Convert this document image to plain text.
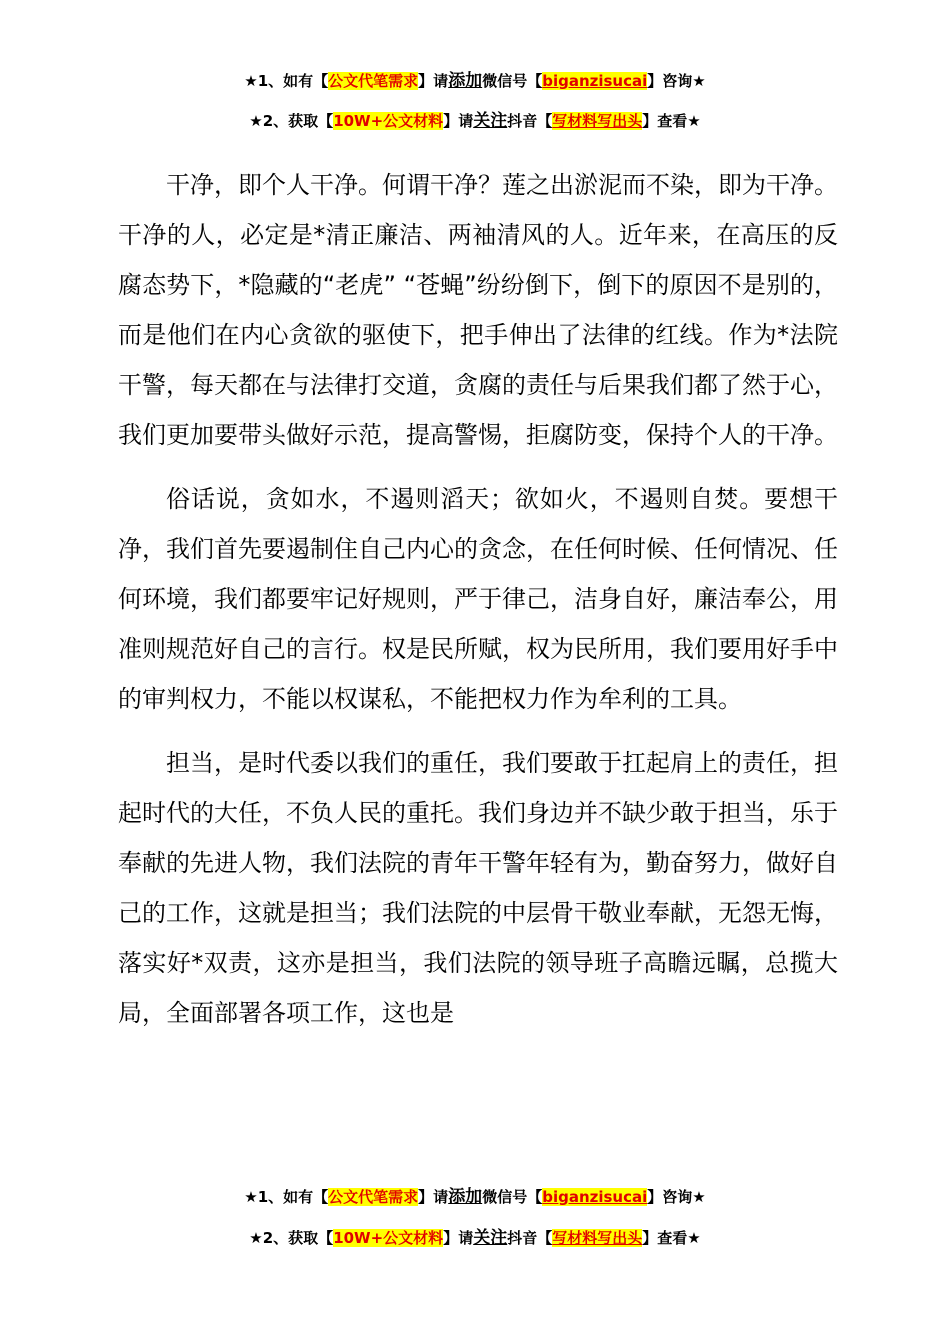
★1、如有【公文代笔需求】请添加微信号【biganzisucai】咨询★
★2、获取【10W+公文材料】请关注抖音【写材料写出头】查看★

干净，即个人干净。何谓干净？莲之出淤泥而不染，即为干净。干净的人，必定是*清正廉洁、两袖清风的人。近年来，在高压的反腐态势下，*隐藏的“老虎” “苍蝇”纷纷倒下，倒下的原因不是别的，而是他们在内心贪欲的驱使下，把手伸出了法律的红线。作为*法院干警，每天都在与法律打交道，贪腐的责任与后果我们都了然于心，我们更加要带头做好示范，提高警惕，拒腐防变，保持个人的干净。

俗话说，贪如水，不遏则滔天；欲如火，不遏则自焚。要想干净，我们首先要遏制住自己内心的贪念，在任何时候、任何情况、任何环境，我们都要牢记好规则，严于律己，洁身自好，廉洁奉公，用准则规范好自己的言行。权是民所赋，权为民所用，我们要用好手中的审判权力，不能以权谋私，不能把权力作为牟利的工具。

担当，是时代委以我们的重任，我们要敢于扛起肩上的责任，担起时代的大任，不负人民的重托。我们身边并不缺少敢于担当，乐于奉献的先进人物，我们法院的青年干警年轻有为，勤奋努力，做好自己的工作，这就是担当；我们法院的中层骨干敬业奉献，无怨无悔，落实好*双责，这亦是担当，我们法院的领导班子高瞻远瞩，总揽大局，全面部署各项工作，这也是

★1、如有【公文代笔需求】请添加微信号【biganzisucai】咨询★
★2、获取【10W+公文材料】请关注抖音【写材料写出头】查看★
